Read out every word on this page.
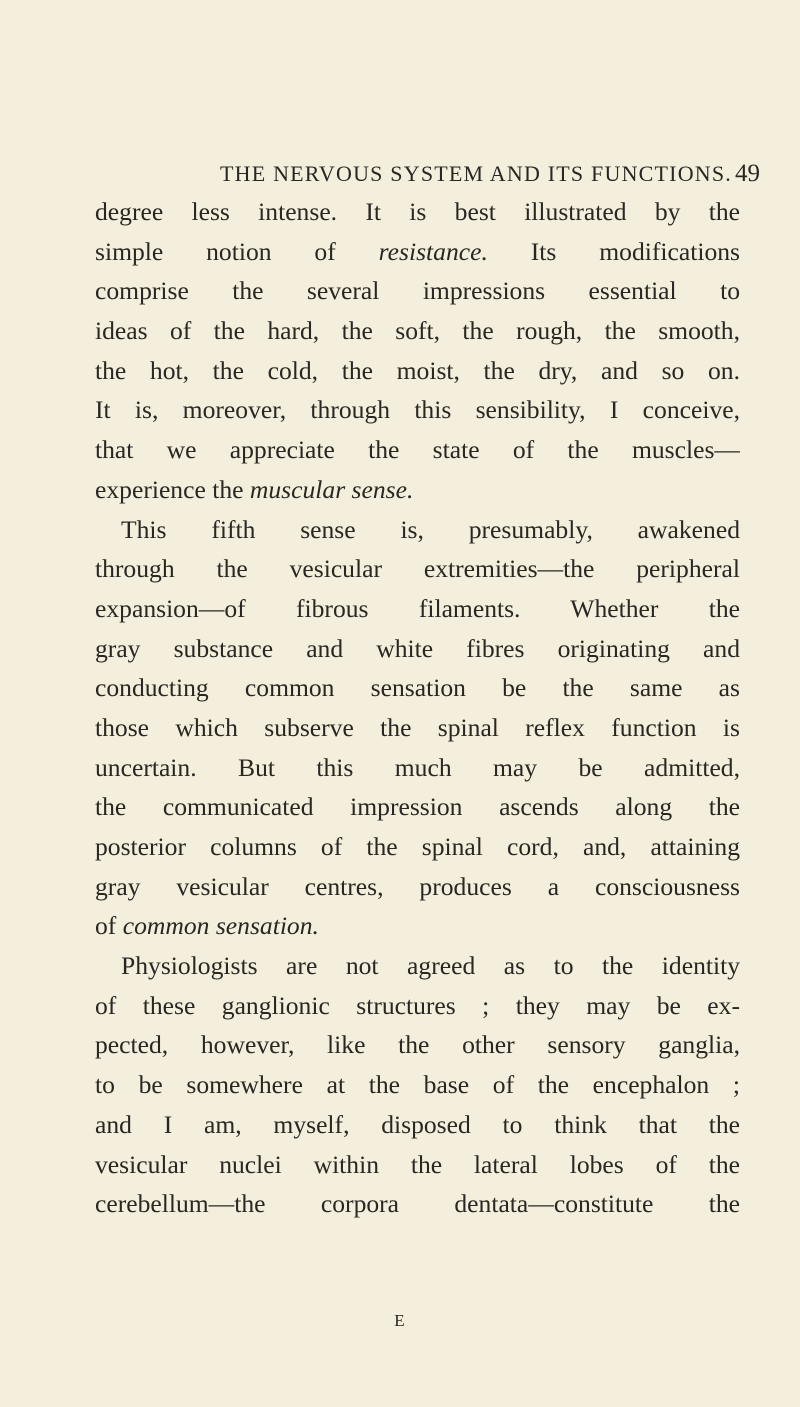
THE NERVOUS SYSTEM AND ITS FUNCTIONS. 49
degree less intense. It is best illustrated by the
simple notion of resistance. Its modifications
comprise the several impressions essential to
ideas of the hard, the soft, the rough, the smooth,
the hot, the cold, the moist, the dry, and so on.
It is, moreover, through this sensibility, I conceive,
that we appreciate the state of the muscles—
experience the muscular sense.
This fifth sense is, presumably, awakened
through the vesicular extremities—the peripheral
expansion—of fibrous filaments. Whether the
gray substance and white fibres originating and
conducting common sensation be the same as
those which subserve the spinal reflex function is
uncertain. But this much may be admitted,
the communicated impression ascends along the
posterior columns of the spinal cord, and, attaining
gray vesicular centres, produces a consciousness
of common sensation.
Physiologists are not agreed as to the identity
of these ganglionic structures ; they may be ex-
pected, however, like the other sensory ganglia,
to be somewhere at the base of the encephalon ;
and I am, myself, disposed to think that the
vesicular nuclei within the lateral lobes of the
cerebellum—the corpora dentata—constitute the
E
